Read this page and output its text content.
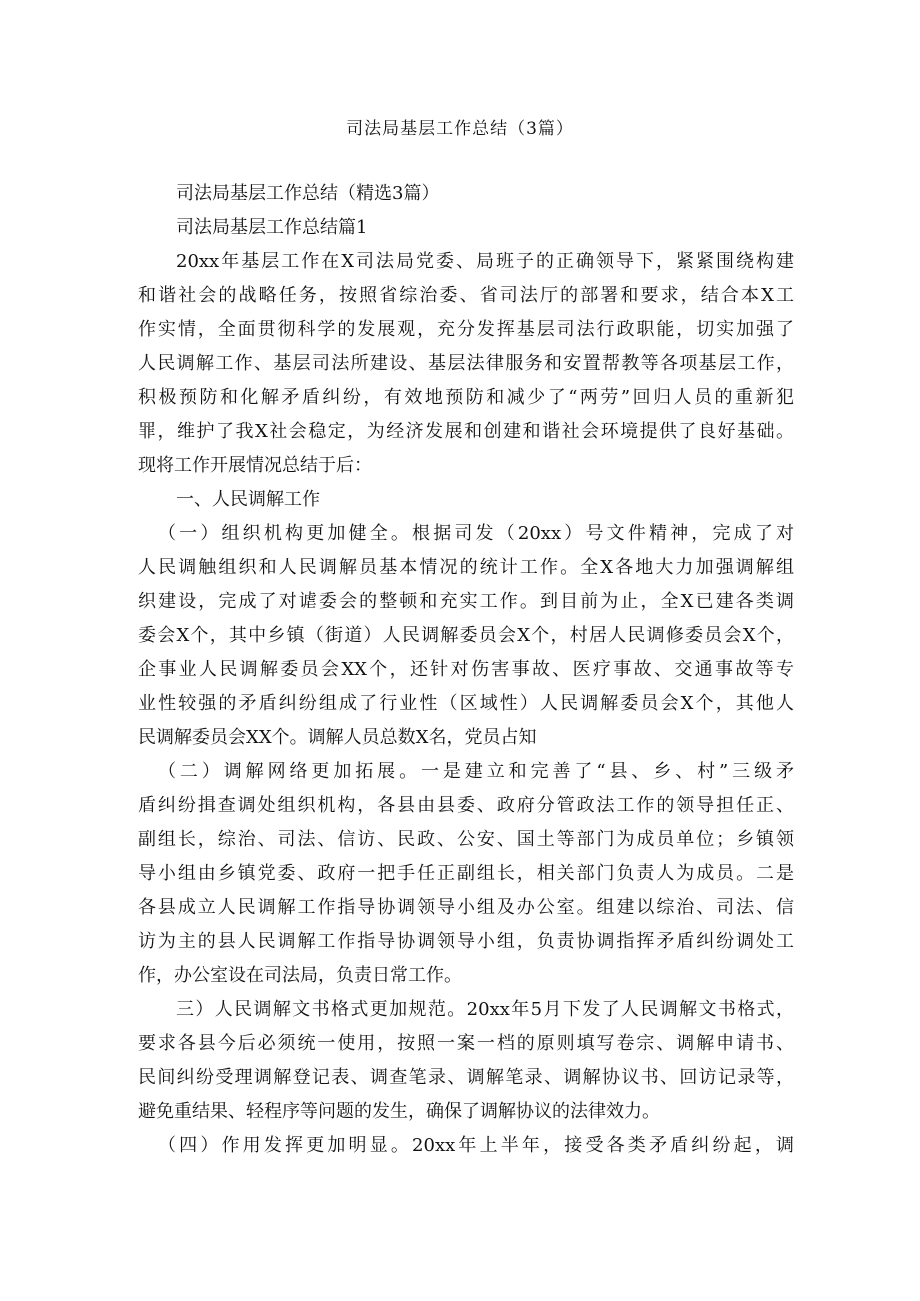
司法局基层工作总结（3篇）

司法局基层工作总结（精选3篇）

司法局基层工作总结篇1

20xx年基层工作在X司法局党委、局班子的正确领导下，紧紧围绕构建

和谐社会的战略任务，按照省综治委、省司法厅的部署和要求，结合本X工

作实情，全面贯彻科学的发展观，充分发挥基层司法行政职能，切实加强了

人民调解工作、基层司法所建设、基层法律服务和安置帮教等各项基层工作，

积极预防和化解矛盾纠纷，有效地预防和减少了“两劳”回归人员的重新犯

罪，维护了我X社会稳定，为经济发展和创建和谐社会环境提供了良好基础。

现将工作开展情况总结于后：

一、人民调解工作

（一）组织机构更加健全。根据司发（20xx）号文件精神，完成了对

人民调触组织和人民调解员基本情况的统计工作。全X各地大力加强调解组

织建设，完成了对谑委会的整顿和充实工作。到目前为止，全X已建各类调

委会X个，其中乡镇（街道）人民调解委员会X个，村居人民调修委员会X个，

企事业人民调解委员会XX个，还针对伤害事故、医疗事故、交通事故等专

业性较强的矛盾纠纷组成了行业性（区域性）人民调解委员会X个，其他人

民调解委员会XX个。调解人员总数X名，党员占知

（二）调解网络更加拓展。一是建立和完善了“县、乡、村”三级矛

盾纠纷揖查调处组织机构，各县由县委、政府分管政法工作的领导担任正、

副组长，综治、司法、信访、民政、公安、国土等部门为成员单位；乡镇领

导小组由乡镇党委、政府一把手任正副组长，相关部门负责人为成员。二是

各县成立人民调解工作指导协调领导小组及办公室。组建以综治、司法、信

访为主的县人民调解工作指导协调领导小组，负责协调指挥矛盾纠纷调处工

作，办公室设在司法局，负责日常工作。

三）人民调解文书格式更加规范。20xx年5月下发了人民调解文书格式，

要求各县今后必须统一使用，按照一案一档的原则填写卷宗、调解申请书、

民间纠纷受理调解登记表、调查笔录、调解笔录、调解协议书、回访记录等，

避免重结果、轻程序等问题的发生，确保了调解协议的法律效力。

（四）作用发挥更加明显。20xx年上半年，接受各类矛盾纠纷起，调
